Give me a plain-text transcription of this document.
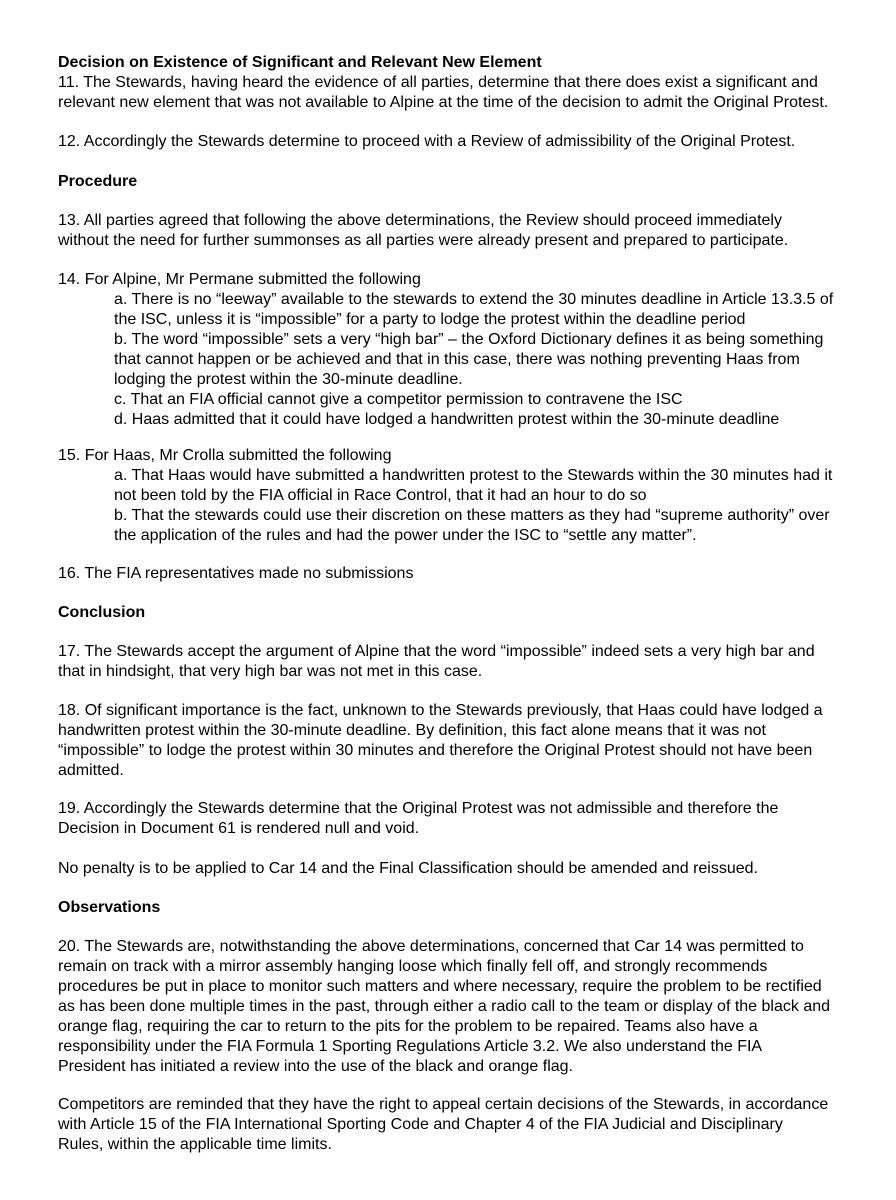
Decision on Existence of Significant and Relevant New Element
11. The Stewards, having heard the evidence of all parties, determine that there does exist a significant and
relevant new element that was not available to Alpine at the time of the decision to admit the Original Protest.
12. Accordingly the Stewards determine to proceed with a Review of admissibility of the Original Protest.
Procedure
13. All parties agreed that following the above determinations, the Review should proceed immediately
without the need for further summonses as all parties were already present and prepared to participate.
14. For Alpine, Mr Permane submitted the following
a. There is no “leeway” available to the stewards to extend the 30 minutes deadline in Article 13.3.5 of
the ISC, unless it is “impossible” for a party to lodge the protest within the deadline period
b. The word “impossible” sets a very “high bar” – the Oxford Dictionary defines it as being something
that cannot happen or be achieved and that in this case, there was nothing preventing Haas from
lodging the protest within the 30-minute deadline.
c. That an FIA official cannot give a competitor permission to contravene the ISC
d. Haas admitted that it could have lodged a handwritten protest within the 30-minute deadline
15. For Haas, Mr Crolla submitted the following
a. That Haas would have submitted a handwritten protest to the Stewards within the 30 minutes had it
not been told by the FIA official in Race Control, that it had an hour to do so
b. That the stewards could use their discretion on these matters as they had “supreme authority” over
the application of the rules and had the power under the ISC to “settle any matter”.
16. The FIA representatives made no submissions
Conclusion
17. The Stewards accept the argument of Alpine that the word “impossible” indeed sets a very high bar and
that in hindsight, that very high bar was not met in this case.
18. Of significant importance is the fact, unknown to the Stewards previously, that Haas could have lodged a
handwritten protest within the 30-minute deadline. By definition, this fact alone means that it was not
“impossible” to lodge the protest within 30 minutes and therefore the Original Protest should not have been
admitted.
19. Accordingly the Stewards determine that the Original Protest was not admissible and therefore the
Decision in Document 61 is rendered null and void.
No penalty is to be applied to Car 14 and the Final Classification should be amended and reissued.
Observations
20. The Stewards are, notwithstanding the above determinations, concerned that Car 14 was permitted to
remain on track with a mirror assembly hanging loose which finally fell off, and strongly recommends
procedures be put in place to monitor such matters and where necessary, require the problem to be rectified
as has been done multiple times in the past, through either a radio call to the team or display of the black and
orange flag, requiring the car to return to the pits for the problem to be repaired. Teams also have a
responsibility under the FIA Formula 1 Sporting Regulations Article 3.2. We also understand the FIA
President has initiated a review into the use of the black and orange flag.
Competitors are reminded that they have the right to appeal certain decisions of the Stewards, in accordance
with Article 15 of the FIA International Sporting Code and Chapter 4 of the FIA Judicial and Disciplinary
Rules, within the applicable time limits.
